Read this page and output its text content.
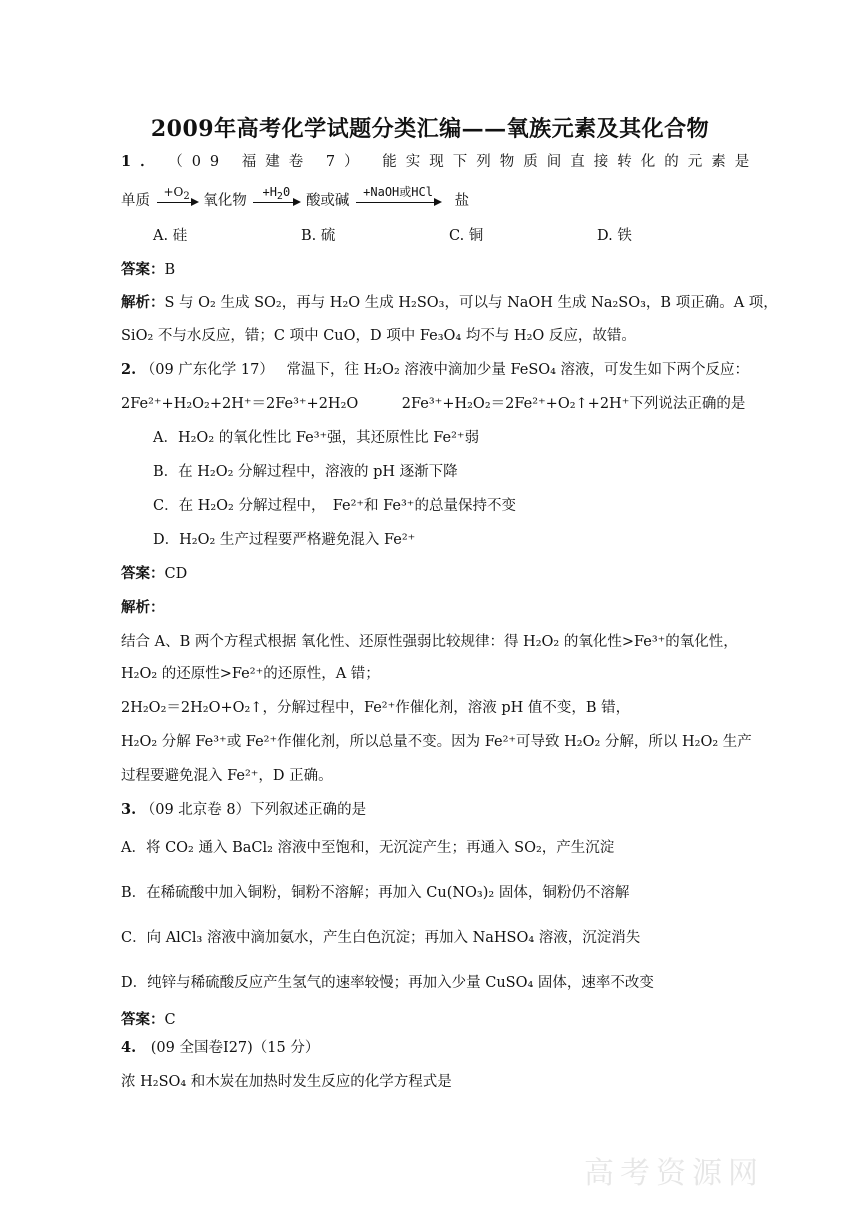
2009年高考化学试题分类汇编——氧族元素及其化合物
1． （09 福建卷 7） 能实现下列物质间直接转化的元素是
单质
$+O_2$ 氧化物
$+H_20$
酸或碱
+NaOH或HCl
盐
A. 硅	B. 硫	C. 铜	D. 铁
答案：B
解析：S 与 O₂ 生成 SO₂，再与 H₂O 生成 H₂SO₃，可以与 NaOH 生成 Na₂SO₃，B 项正确。A 项，
SiO₂ 不与水反应，错；C 项中 CuO，D 项中 Fe₃O₄ 均不与 H₂O 反应，故错。
2. （09 广东化学 17） 常温下，往 H₂O₂ 溶液中滴加少量 FeSO₄ 溶液，可发生如下两个反应：
2Fe²⁺+H₂O₂+2H⁺＝2Fe³⁺+2H₂O　　　2Fe³⁺+H₂O₂＝2Fe²⁺+O₂↑+2H⁺下列说法正确的是
A．H₂O₂ 的氧化性比 Fe³⁺强，其还原性比 Fe²⁺弱
B．在 H₂O₂ 分解过程中，溶液的 pH 逐渐下降
C．在 H₂O₂ 分解过程中，　Fe²⁺和 Fe³⁺的总量保持不变
D．H₂O₂ 生产过程要严格避免混入 Fe²⁺
答案：CD
解析：
结合 A、B 两个方程式根据 氧化性、还原性强弱比较规律：得 H₂O₂ 的氧化性>Fe³⁺的氧化性，
H₂O₂ 的还原性>Fe²⁺的还原性，A 错；
2H₂O₂＝2H₂O+O₂↑，分解过程中，Fe²⁺作催化剂，溶液 pH 值不变，B 错，
H₂O₂ 分解 Fe³⁺或 Fe²⁺作催化剂，所以总量不变。因为 Fe²⁺可导致 H₂O₂ 分解，所以 H₂O₂ 生产
过程要避免混入 Fe²⁺，D 正确。
3. （09 北京卷 8）下列叙述正确的是
A．将 CO₂ 通入 BaCl₂ 溶液中至饱和，无沉淀产生；再通入 SO₂，产生沉淀
B．在稀硫酸中加入铜粉，铜粉不溶解；再加入 Cu(NO₃)₂ 固体，铜粉仍不溶解
C．向 AlCl₃ 溶液中滴加氨水，产生白色沉淀；再加入 NaHSO₄ 溶液，沉淀消失
D．纯锌与稀硫酸反应产生氢气的速率较慢；再加入少量 CuSO₄ 固体，速率不改变
答案：C
4. (09 全国卷Ⅰ27)（15 分）
浓 H₂SO₄ 和木炭在加热时发生反应的化学方程式是
高考资源网
